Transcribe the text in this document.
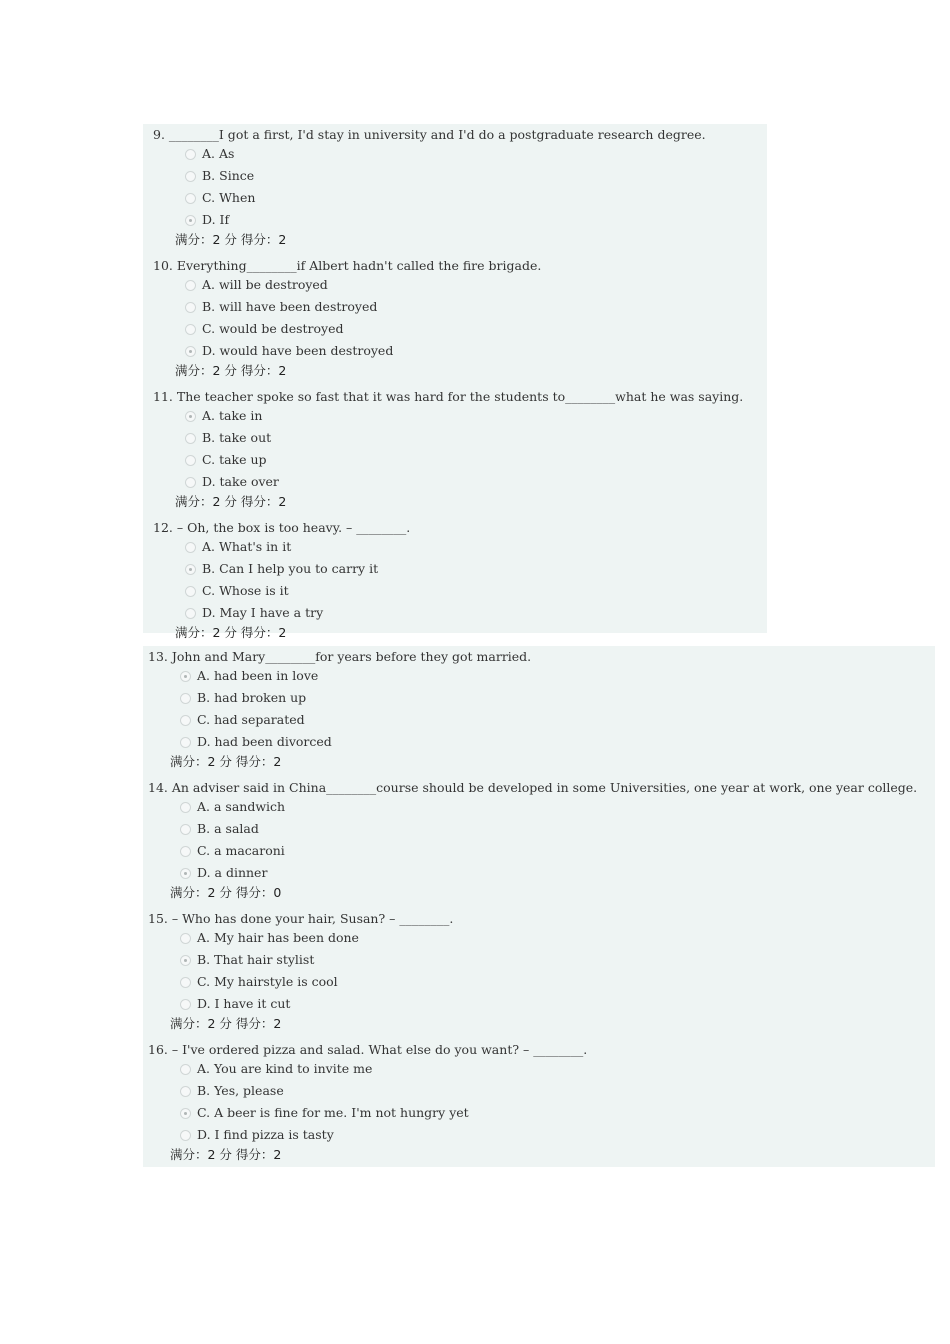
9. ________I got a first, I'd stay in university and I'd do a postgraduate research degree.
A. As
B. Since
C. When
D. If
满分：2 分 得分：2
10. Everything________if Albert hadn't called the fire brigade.
A. will be destroyed
B. will have been destroyed
C. would be destroyed
D. would have been destroyed
满分：2 分 得分：2
11. The teacher spoke so fast that it was hard for the students to________what he was saying.
A. take in
B. take out
C. take up
D. take over
满分：2 分 得分：2
12. – Oh, the box is too heavy. – ________.
A. What's in it
B. Can I help you to carry it
C. Whose is it
D. May I have a try
满分：2 分 得分：2
13. John and Mary________for years before they got married.
A. had been in love
B. had broken up
C. had separated
D. had been divorced
满分：2 分 得分：2
14. An adviser said in China________course should be developed in some Universities, one year at work, one year college.
A. a sandwich
B. a salad
C. a macaroni
D. a dinner
满分：2 分 得分：0
15. – Who has done your hair, Susan? – ________.
A. My hair has been done
B. That hair stylist
C. My hairstyle is cool
D. I have it cut
满分：2 分 得分：2
16. – I've ordered pizza and salad. What else do you want? – ________.
A. You are kind to invite me
B. Yes, please
C. A beer is fine for me. I'm not hungry yet
D. I find pizza is tasty
满分：2 分 得分：2
